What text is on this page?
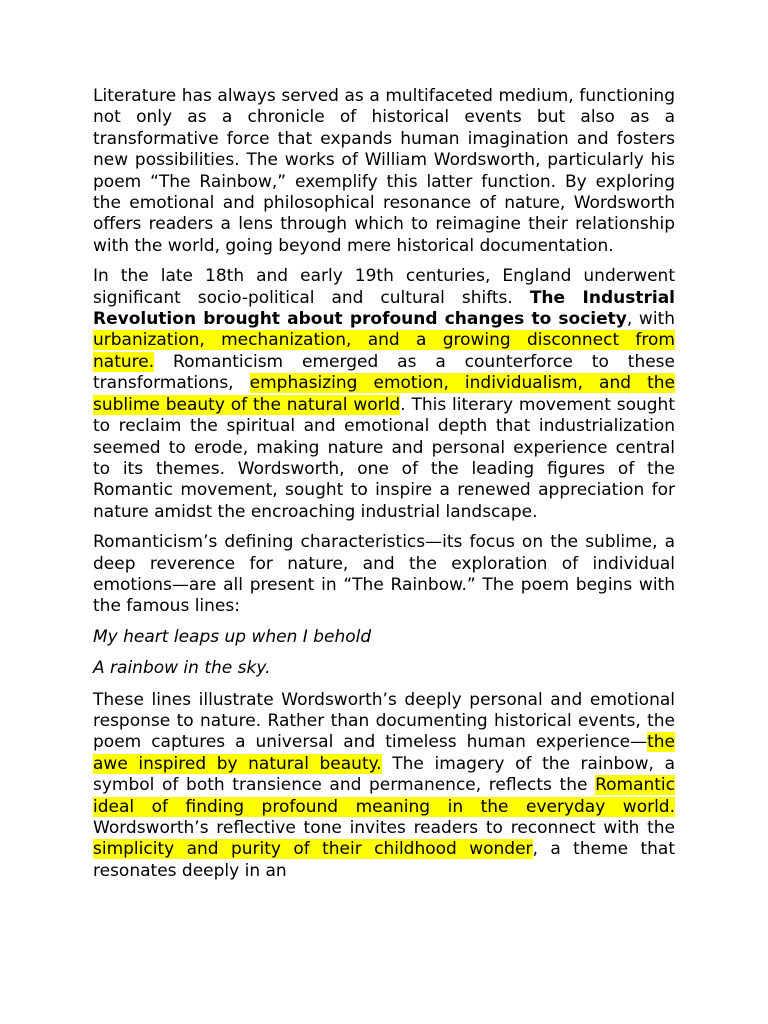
Literature has always served as a multifaceted medium, functioning not only as a chronicle of historical events but also as a transformative force that expands human imagination and fosters new possibilities. The works of William Wordsworth, particularly his poem “The Rainbow,” exemplify this latter function. By exploring the emotional and philosophical resonance of nature, Wordsworth offers readers a lens through which to reimagine their relationship with the world, going beyond mere historical documentation.

In the late 18th and early 19th centuries, England underwent significant socio-political and cultural shifts. The Industrial Revolution brought about profound changes to society, with urbanization, mechanization, and a growing disconnect from nature. Romanticism emerged as a counterforce to these transformations, emphasizing emotion, individualism, and the sublime beauty of the natural world. This literary movement sought to reclaim the spiritual and emotional depth that industrialization seemed to erode, making nature and personal experience central to its themes. Wordsworth, one of the leading figures of the Romantic movement, sought to inspire a renewed appreciation for nature amidst the encroaching industrial landscape.

Romanticism’s defining characteristics—its focus on the sublime, a deep reverence for nature, and the exploration of individual emotions—are all present in “The Rainbow.” The poem begins with the famous lines:

My heart leaps up when I behold

A rainbow in the sky.

These lines illustrate Wordsworth’s deeply personal and emotional response to nature. Rather than documenting historical events, the poem captures a universal and timeless human experience—the awe inspired by natural beauty. The imagery of the rainbow, a symbol of both transience and permanence, reflects the Romantic ideal of finding profound meaning in the everyday world. Wordsworth’s reflective tone invites readers to reconnect with the simplicity and purity of their childhood wonder, a theme that resonates deeply in an
